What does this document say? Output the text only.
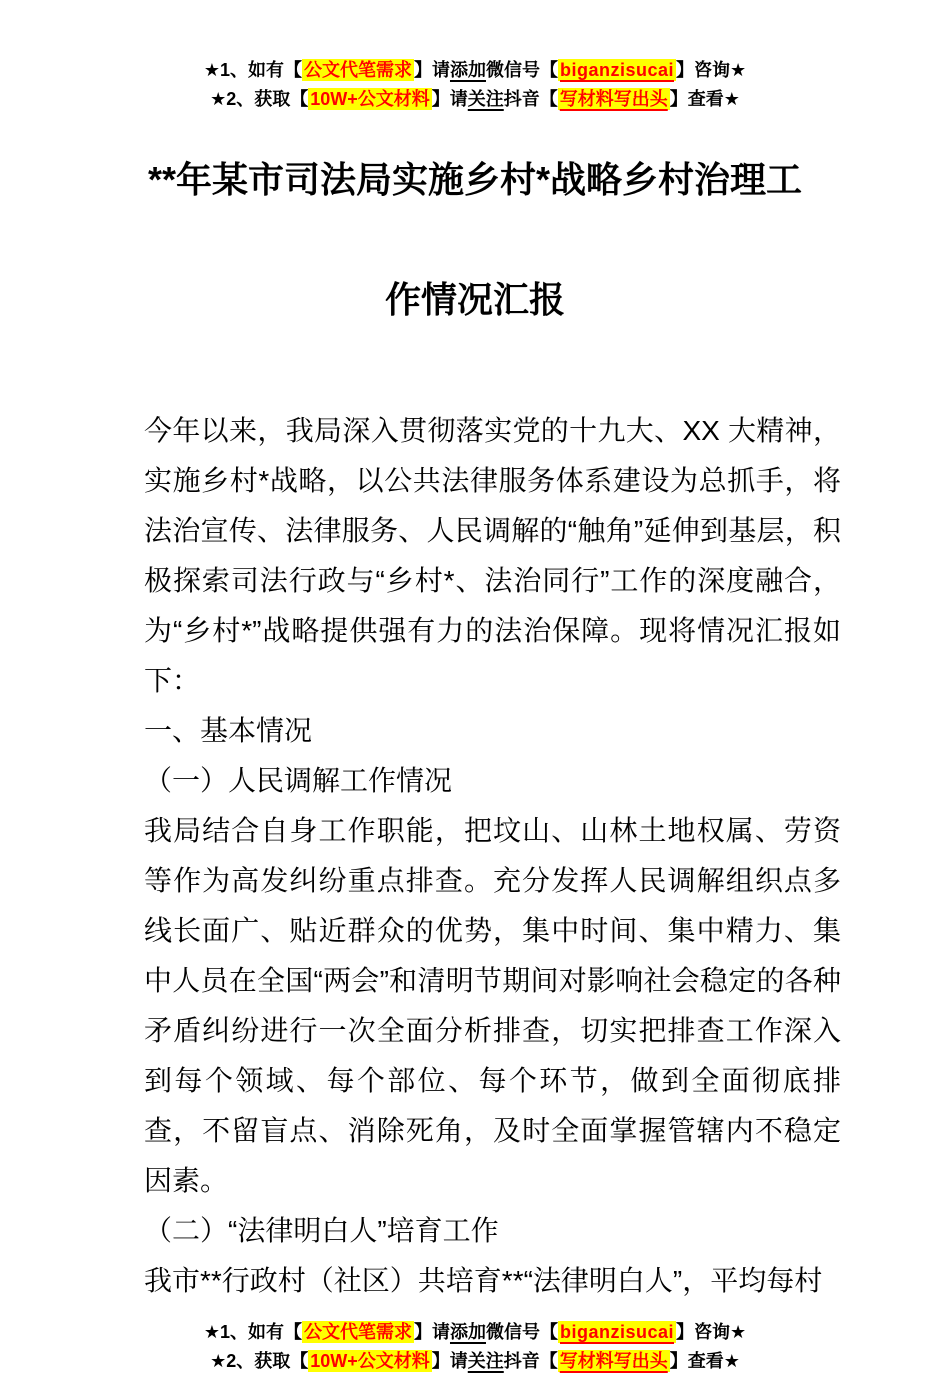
★1、如有【 公文代笔需求 】请添加微信号【 biganzisucai 】咨询★
★2、获取【 10W+公文材料 】请关注抖音【 写材料写出头 】查看★
**年某市司法局实施乡村*战略乡村治理工
作情况汇报

今年以来，我局深入贯彻落实党的十九大、XX 大精神，实施乡村*战略，以公共法律服务体系建设为总抓手，将法治宣传、法律服务、人民调解的“触角”延伸到基层，积极探索司法行政与“乡村*、法治同行”工作的深度融合，为“乡村*”战略提供强有力的法治保障。现将情况汇报如下：

一、基本情况

（一）人民调解工作情况

我局结合自身工作职能，把坟山、山林土地权属、劳资等作为高发纠纷重点排查。充分发挥人民调解组织点多线长面广、贴近群众的优势，集中时间、集中精力、集中人员在全国“两会”和清明节期间对影响社会稳定的各种矛盾纠纷进行一次全面分析排查，切实把排查工作深入到每个领域、每个部位、每个环节，做到全面彻底排查，不留盲点、消除死角，及时全面掌握管辖内不稳定因素。

（二）“法律明白人”培育工作

我市**行政村（社区）共培育**“法律明白人”，平均每村

★1、如有【 公文代笔需求 】请添加微信号【 biganzisucai 】咨询★
★2、获取【 10W+公文材料 】请关注抖音【 写材料写出头 】查看★
